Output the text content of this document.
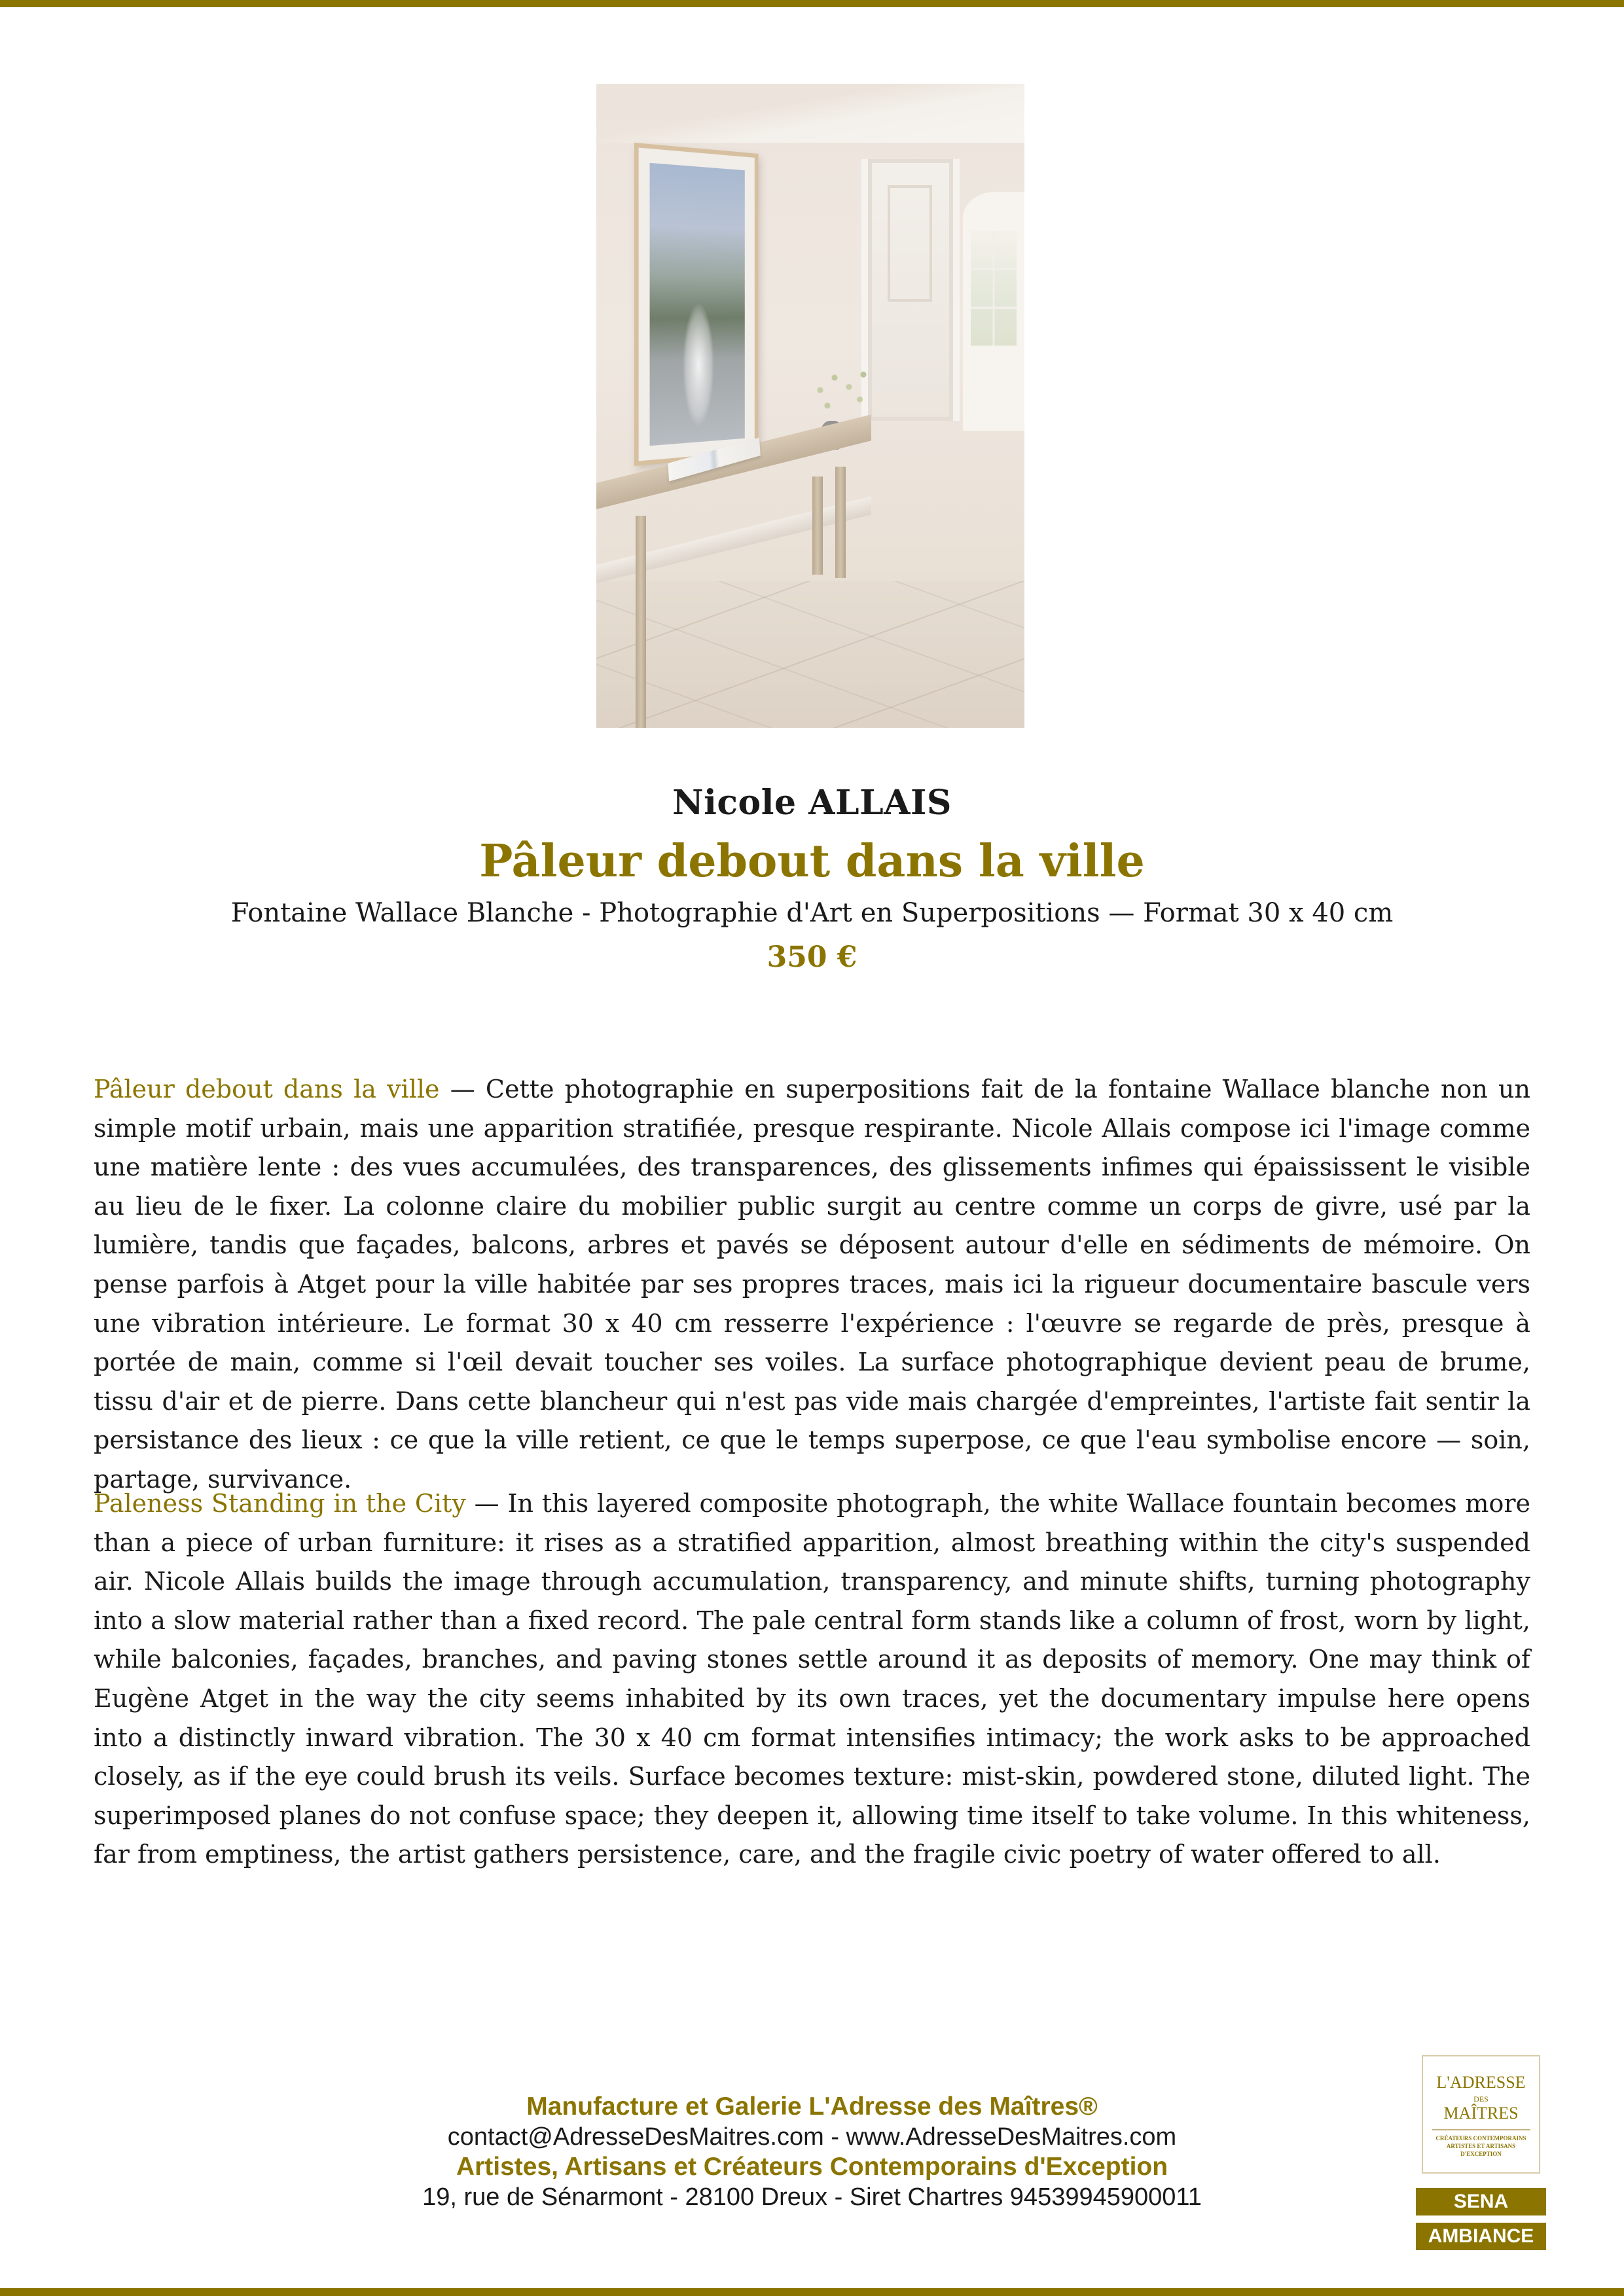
Nicole ALLAIS
Pâleur debout dans la ville
Fontaine Wallace Blanche - Photographie d'Art en Superpositions — Format 30 x 40 cm
350 €

Pâleur debout dans la ville — Cette photographie en superpositions fait de la fontaine Wallace blanche non un simple motif urbain, mais une apparition stratifiée, presque respirante. Nicole Allais compose ici l'image comme une matière lente : des vues accumulées, des transparences, des glissements infimes qui épaississent le visible au lieu de le fixer. La colonne claire du mobilier public surgit au centre comme un corps de givre, usé par la lumière, tandis que façades, balcons, arbres et pavés se déposent autour d'elle en sédiments de mémoire. On pense parfois à Atget pour la ville habitée par ses propres traces, mais ici la rigueur documentaire bascule vers une vibration intérieure. Le format 30 x 40 cm resserre l'expérience : l'œuvre se regarde de près, presque à portée de main, comme si l'œil devait toucher ses voiles. La surface photographique devient peau de brume, tissu d'air et de pierre. Dans cette blancheur qui n'est pas vide mais chargée d'empreintes, l'artiste fait sentir la persistance des lieux : ce que la ville retient, ce que le temps superpose, ce que l'eau symbolise encore — soin, partage, survivance.

Paleness Standing in the City — In this layered composite photograph, the white Wallace fountain becomes more than a piece of urban furniture: it rises as a stratified apparition, almost breathing within the city's suspended air. Nicole Allais builds the image through accumulation, transparency, and minute shifts, turning photography into a slow material rather than a fixed record. The pale central form stands like a column of frost, worn by light, while balconies, façades, branches, and paving stones settle around it as deposits of memory. One may think of Eugène Atget in the way the city seems inhabited by its own traces, yet the documentary impulse here opens into a distinctly inward vibration. The 30 x 40 cm format intensifies intimacy; the work asks to be approached closely, as if the eye could brush its veils. Surface becomes texture: mist-skin, powdered stone, diluted light. The superimposed planes do not confuse space; they deepen it, allowing time itself to take volume. In this whiteness, far from emptiness, the artist gathers persistence, care, and the fragile civic poetry of water offered to all.

Manufacture et Galerie L'Adresse des Maîtres®
contact@AdresseDesMaitres.com - www.AdresseDesMaitres.com
Artistes, Artisans et Créateurs Contemporains d'Exception
19, rue de Sénarmont - 28100 Dreux - Siret Chartres 94539945900011
L'ADRESSE
DES
MAÎTRES
CRÉATEURS CONTEMPORAINS
ARTISTES ET ARTISANS
D'EXCEPTION
SENA
AMBIANCE
